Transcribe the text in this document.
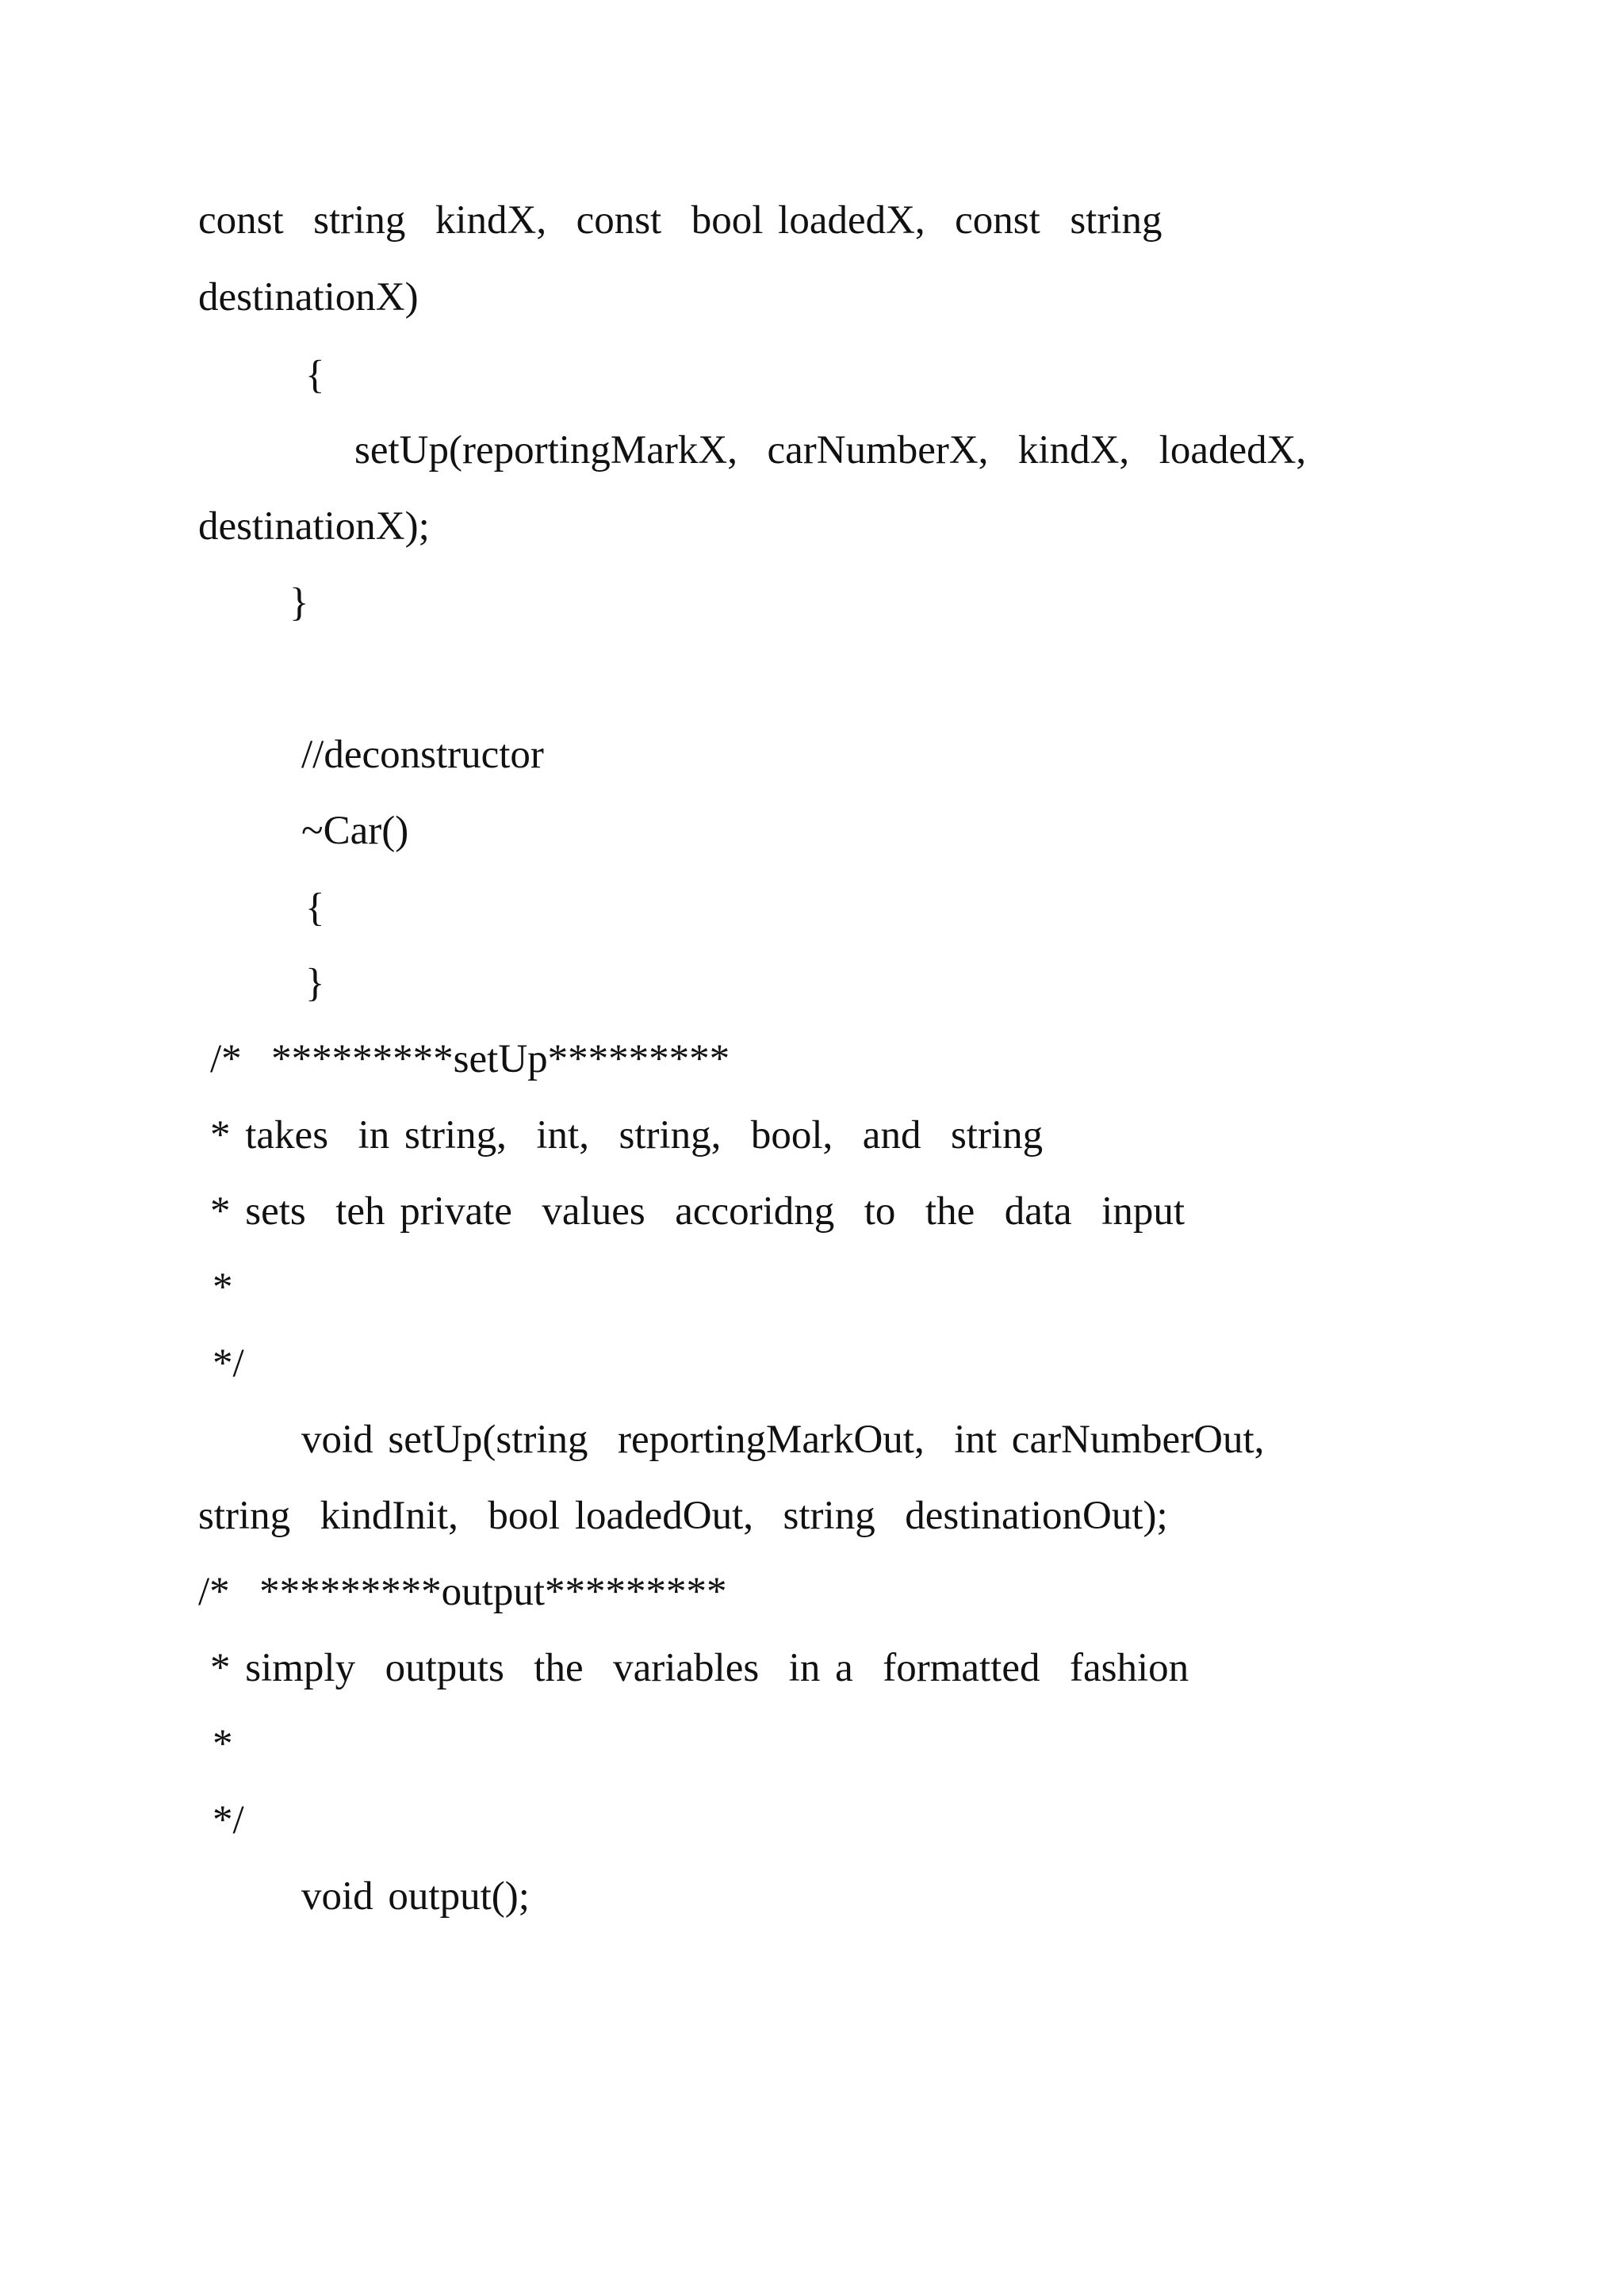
const  string  kindX,  const  bool loadedX,  const  string

destinationX)

{

setUp(reportingMarkX,  carNumberX,  kindX,  loadedX,

destinationX);

}

//deconstructor

~Car()

{

}

/*  *********setUp*********

* takes  in string,  int,  string,  bool,  and  string

* sets  teh private  values  accoridng  to  the  data  input

*

*/

void setUp(string  reportingMarkOut,  int carNumberOut,

string  kindInit,  bool loadedOut,  string  destinationOut);

/*  *********output*********

* simply  outputs  the  variables  in a  formatted  fashion

*

*/

void output();
